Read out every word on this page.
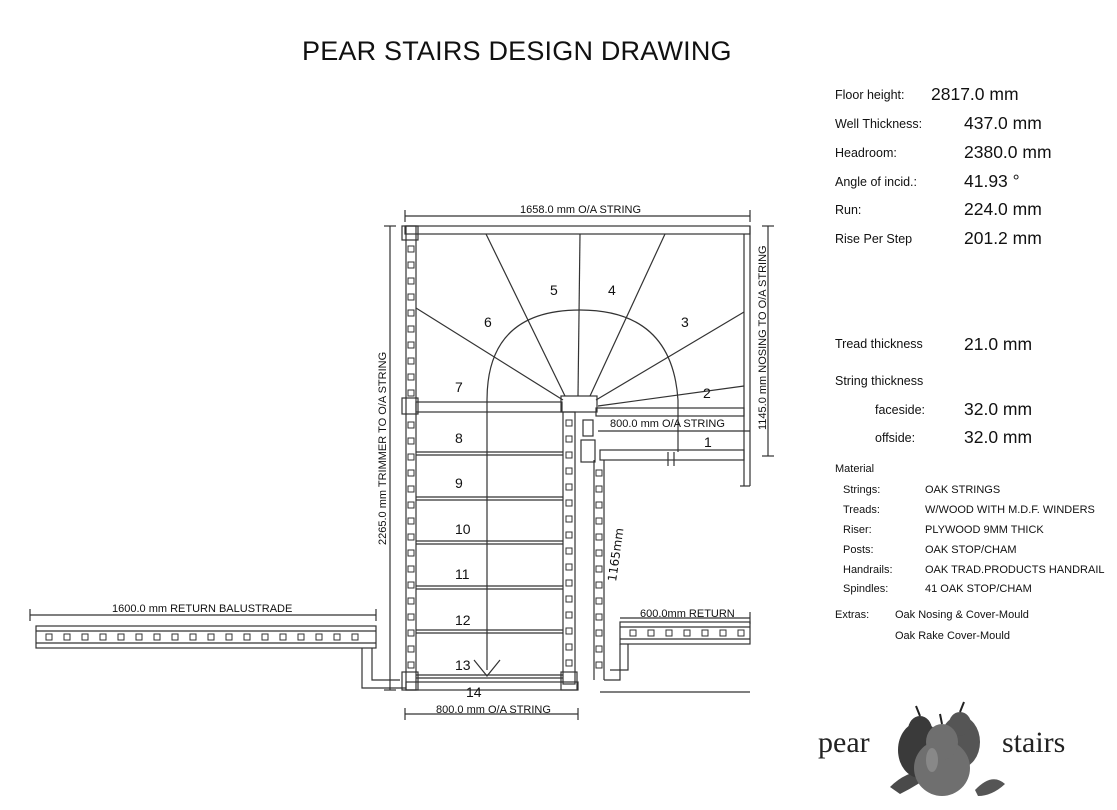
PEAR STAIRS DESIGN DRAWING
Floor height: 2817.0 mm
Well Thickness: 437.0 mm
Headroom:	2380.0 mm
Angle of incid.:	41.93 °
Run:	224.0 mm
Rise Per Step	201.2 mm
Tread thickness 21.0 mm
String thickness
faceside: 32.0 mm
offside:	32.0 mm
Material
Strings:	OAK STRINGS
Treads:	W/WOOD WITH M.D.F. WINDERS
Riser:	PLYWOOD 9MM THICK
Posts:	OAK STOP/CHAM
Handrails:	OAK TRAD.PRODUCTS HANDRAIL
Spindles:	41 OAK STOP/CHAM
Extras: Oak Nosing & Cover-Mould
Oak Rake Cover-Mould
pear	stairs
1658.0 mm O/A STRING
2265.0 mm TRIMMER TO O/A STRING
1145.0 mm NOSING TO O/A STRING
800.0 mm O/A STRING
800.0 mm O/A STRING
1600.0 mm RETURN BALUSTRADE	600.0mm RETURN
1165mm
1
2
3
4
5
6
7
8
9
10
11
12
13
14
